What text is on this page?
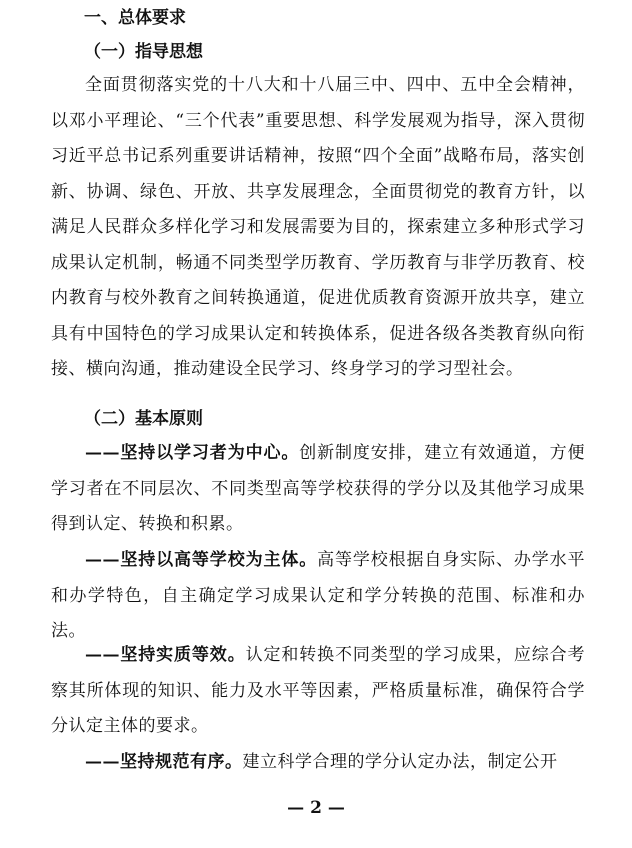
一、总体要求
（一）指导思想
全面贯彻落实党的十八大和十八届三中、四中、五中全会精神，以邓小平理论、“三个代表”重要思想、科学发展观为指导，深入贯彻习近平总书记系列重要讲话精神，按照“四个全面”战略布局，落实创新、协调、绿色、开放、共享发展理念，全面贯彻党的教育方针，以满足人民群众多样化学习和发展需要为目的，探索建立多种形式学习成果认定机制，畅通不同类型学历教育、学历教育与非学历教育、校内教育与校外教育之间转换通道，促进优质教育资源开放共享，建立具有中国特色的学习成果认定和转换体系，促进各级各类教育纵向衔接、横向沟通，推动建设全民学习、终身学习的学习型社会。
（二）基本原则
——坚持以学习者为中心。创新制度安排，建立有效通道，方便学习者在不同层次、不同类型高等学校获得的学分以及其他学习成果得到认定、转换和积累。
——坚持以高等学校为主体。高等学校根据自身实际、办学水平和办学特色，自主确定学习成果认定和学分转换的范围、标准和办法。
——坚持实质等效。认定和转换不同类型的学习成果，应综合考察其所体现的知识、能力及水平等因素，严格质量标准，确保符合学分认定主体的要求。
——坚持规范有序。建立科学合理的学分认定办法，制定公开
— 2 —
